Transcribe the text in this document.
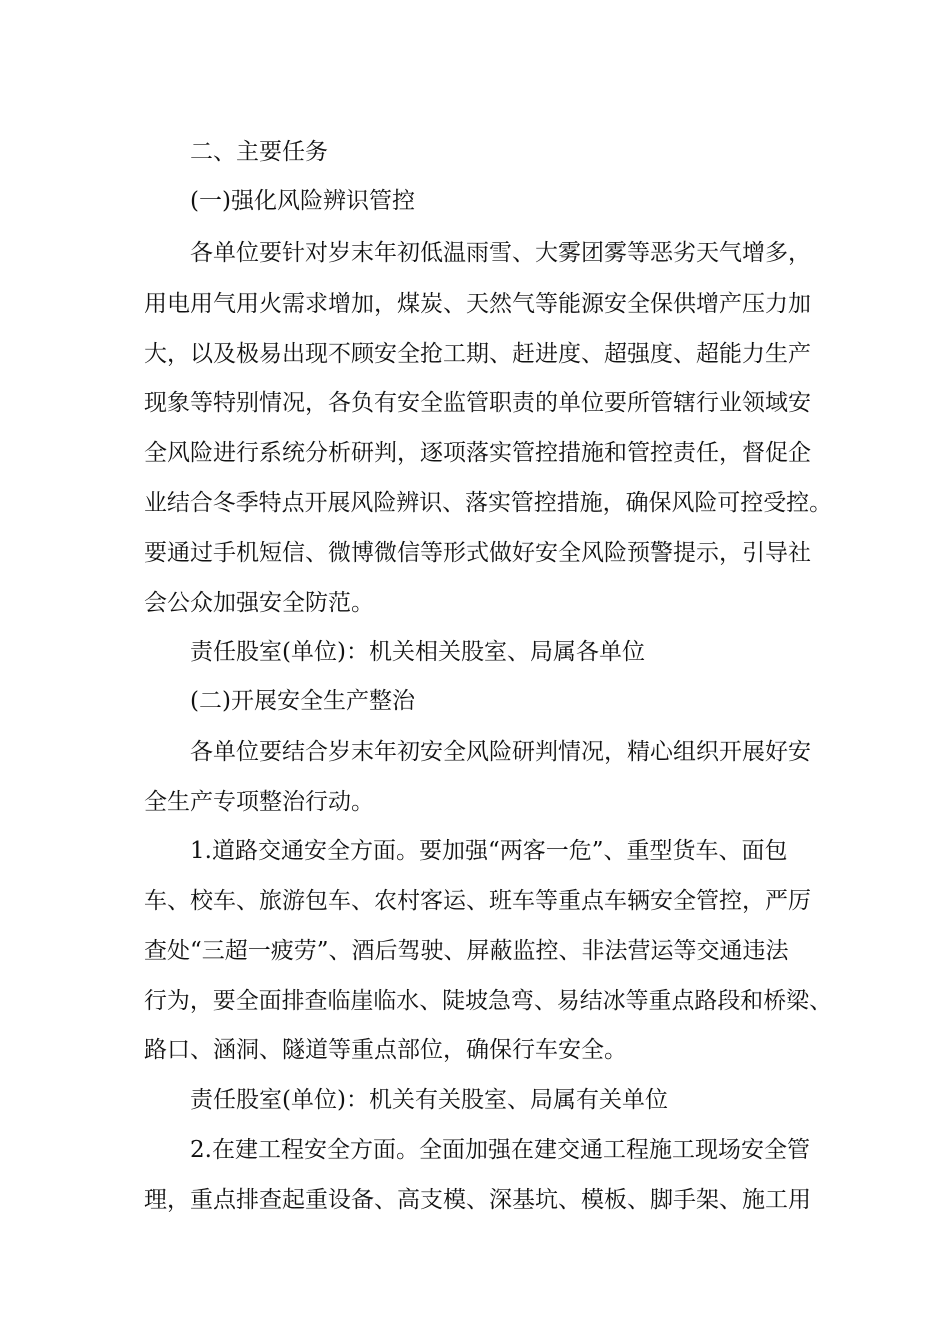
二、主要任务
(一)强化风险辨识管控
各单位要针对岁末年初低温雨雪、大雾团雾等恶劣天气增多，
用电用气用火需求增加，煤炭、天然气等能源安全保供增产压力加
大，以及极易出现不顾安全抢工期、赶进度、超强度、超能力生产
现象等特别情况，各负有安全监管职责的单位要所管辖行业领域安
全风险进行系统分析研判，逐项落实管控措施和管控责任，督促企
业结合冬季特点开展风险辨识、落实管控措施，确保风险可控受控。
要通过手机短信、微博微信等形式做好安全风险预警提示，引导社
会公众加强安全防范。
责任股室(单位)：机关相关股室、局属各单位
(二)开展安全生产整治
各单位要结合岁末年初安全风险研判情况，精心组织开展好安
全生产专项整治行动。
1.道路交通安全方面。要加强“两客一危”、重型货车、面包
车、校车、旅游包车、农村客运、班车等重点车辆安全管控，严厉
查处“三超一疲劳”、酒后驾驶、屏蔽监控、非法营运等交通违法
行为，要全面排查临崖临水、陡坡急弯、易结冰等重点路段和桥梁、
路口、涵洞、隧道等重点部位，确保行车安全。
责任股室(单位)：机关有关股室、局属有关单位
2.在建工程安全方面。全面加强在建交通工程施工现场安全管
理，重点排查起重设备、高支模、深基坑、模板、脚手架、施工用
